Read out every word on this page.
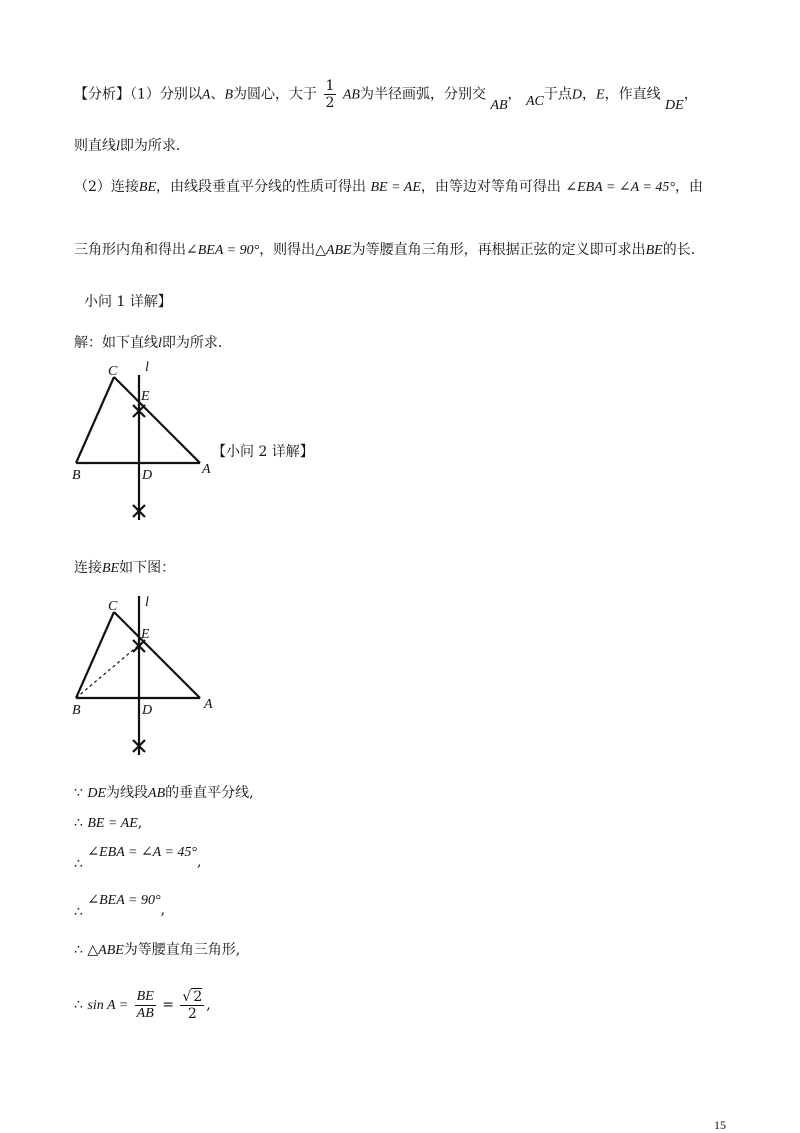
【分析】（1）分别以A、B为圆心，大于 $\frac{1}{2}$ AB为半径画弧，分别交 AB， AC于点D，E，作直线 DE，
则直线l即为所求．
（2）连接BE，由线段垂直平分线的性质可得出 BE = AE，由等边对等角可得出 ∠EBA = ∠A = 45°，由
三角形内角和得出∠BEA = 90°，则得出△ABE为等腰直角三角形，再根据正弦的定义即可求出BE的长.
小问 1 详解】
解：如下直线l即为所求．
C l
E
B	D	A
【小问 2 详解】
连接BE如下图：
C l
E
B	D	A
∵ DE为线段AB的垂直平分线,
∴ BE = AE,
∴ ∠EBA = ∠A = 45°,
∴ ∠BEA = 90°,
∴ △ABE为等腰直角三角形,
∴ $\sin A = \frac{BE}{AB} = \frac{√ 2}{2}$ ,
15
